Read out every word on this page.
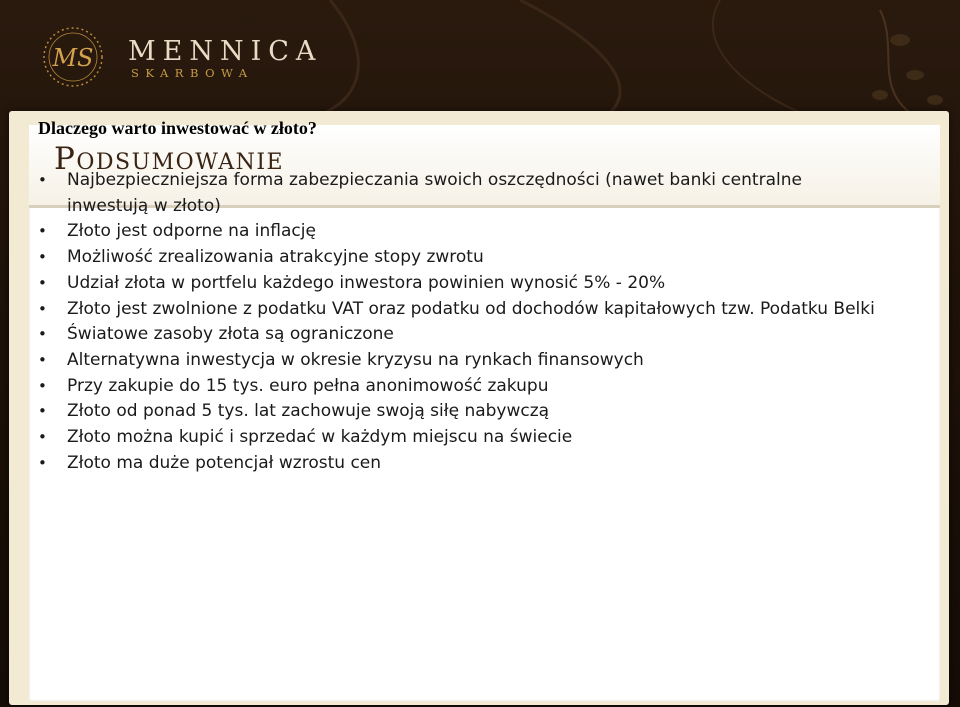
MS MENNICA
SKARBOWA
Podsumowanie

Dlaczego warto inwestować w złoto?

• Najbezpieczniejsza forma zabezpieczania swoich oszczędności (nawet banki centralne inwestują w złoto)
• Złoto jest odporne na inflację
• Możliwość zrealizowania atrakcyjne stopy zwrotu
• Udział złota w portfelu każdego inwestora powinien wynosić 5% - 20%
• Złoto jest zwolnione z podatku VAT oraz podatku od dochodów kapitałowych tzw. Podatku Belki
• Światowe zasoby złota są ograniczone
• Alternatywna inwestycja w okresie kryzysu na rynkach finansowych
• Przy zakupie do 15 tys. euro pełna anonimowość zakupu
• Złoto od ponad 5 tys. lat zachowuje swoją siłę nabywczą
• Złoto można kupić i sprzedać w każdym miejscu na świecie
• Złoto ma duże potencjał wzrostu cen
